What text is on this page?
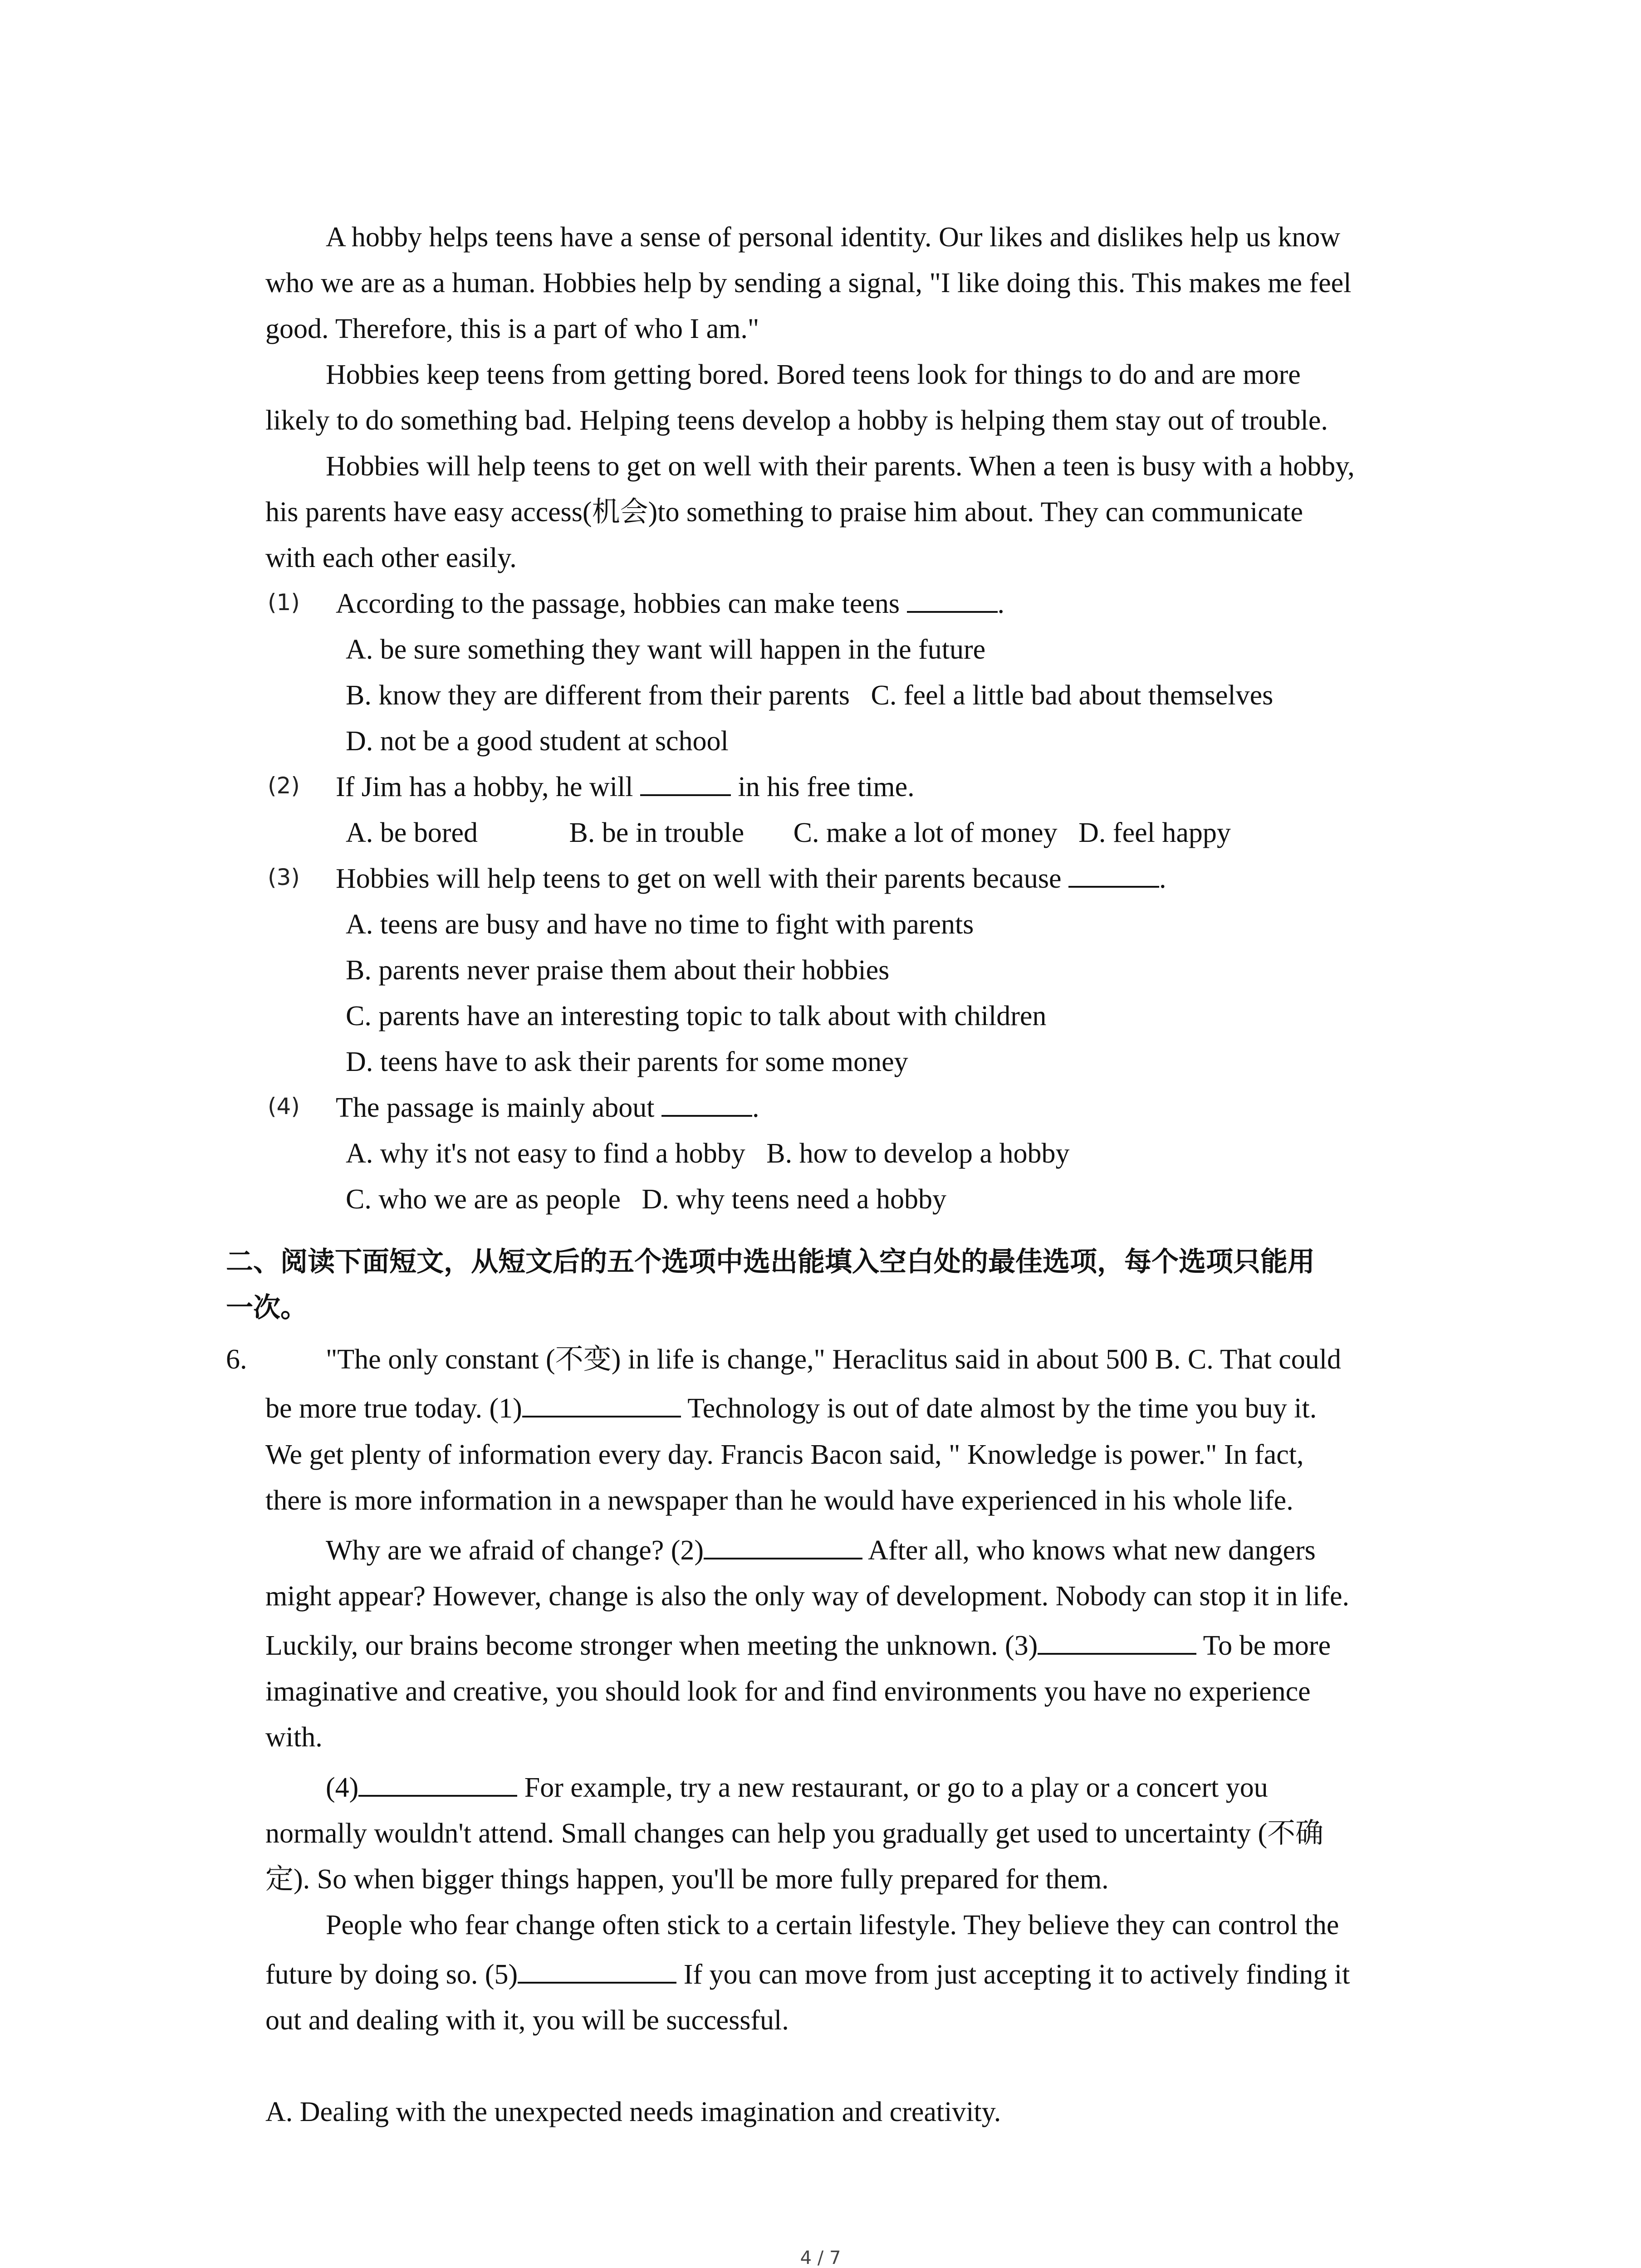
A hobby helps teens have a sense of personal identity. Our likes and dislikes help us know
who we are as a human. Hobbies help by sending a signal, "I like doing this. This makes me feel
good. Therefore, this is a part of who I am."
Hobbies keep teens from getting bored. Bored teens look for things to do and are more
likely to do something bad. Helping teens develop a hobby is helping them stay out of trouble.
Hobbies will help teens to get on well with their parents. When a teen is busy with a hobby,
his parents have easy access(机会)to something to praise him about. They can communicate
with each other easily.
(1) According to the passage, hobbies can make teens	.
A. be sure something they want will happen in the future
B. know they are different from their parents   C. feel a little bad about themselves
D. not be a good student at school
(2) If Jim has a hobby, he will	in his free time.
A. be bored             B. be in trouble       C. make a lot of money   D. feel happy
(3) Hobbies will help teens to get on well with their parents because	.
A. teens are busy and have no time to fight with parents
B. parents never praise them about their hobbies
C. parents have an interesting topic to talk about with children
D. teens have to ask their parents for some money
(4) The passage is mainly about	.
A. why it's not easy to find a hobby   B. how to develop a hobby
C. who we are as people   D. why teens need a hobby
二、阅读下面短文，从短文后的五个选项中选出能填入空白处的最佳选项，每个选项只能用
一次。
6.	"The only constant (不变) in life is change," Heraclitus said in about 500 B. C. That could
be more true today. (1)	Technology is out of date almost by the time you buy it.
We get plenty of information every day. Francis Bacon said, " Knowledge is power." In fact,
there is more information in a newspaper than he would have experienced in his whole life.
Why are we afraid of change? (2)	After all, who knows what new dangers
might appear? However, change is also the only way of development. Nobody can stop it in life.
Luckily, our brains become stronger when meeting the unknown. (3)	To be more
imaginative and creative, you should look for and find environments you have no experience
with.
(4)	For example, try a new restaurant, or go to a play or a concert you
normally wouldn't attend. Small changes can help you gradually get used to uncertainty (不确
定). So when bigger things happen, you'll be more fully prepared for them.
People who fear change often stick to a certain lifestyle. They believe they can control the
future by doing so. (5)	If you can move from just accepting it to actively finding it
out and dealing with it, you will be successful.
A. Dealing with the unexpected needs imagination and creativity.
4 / 7
